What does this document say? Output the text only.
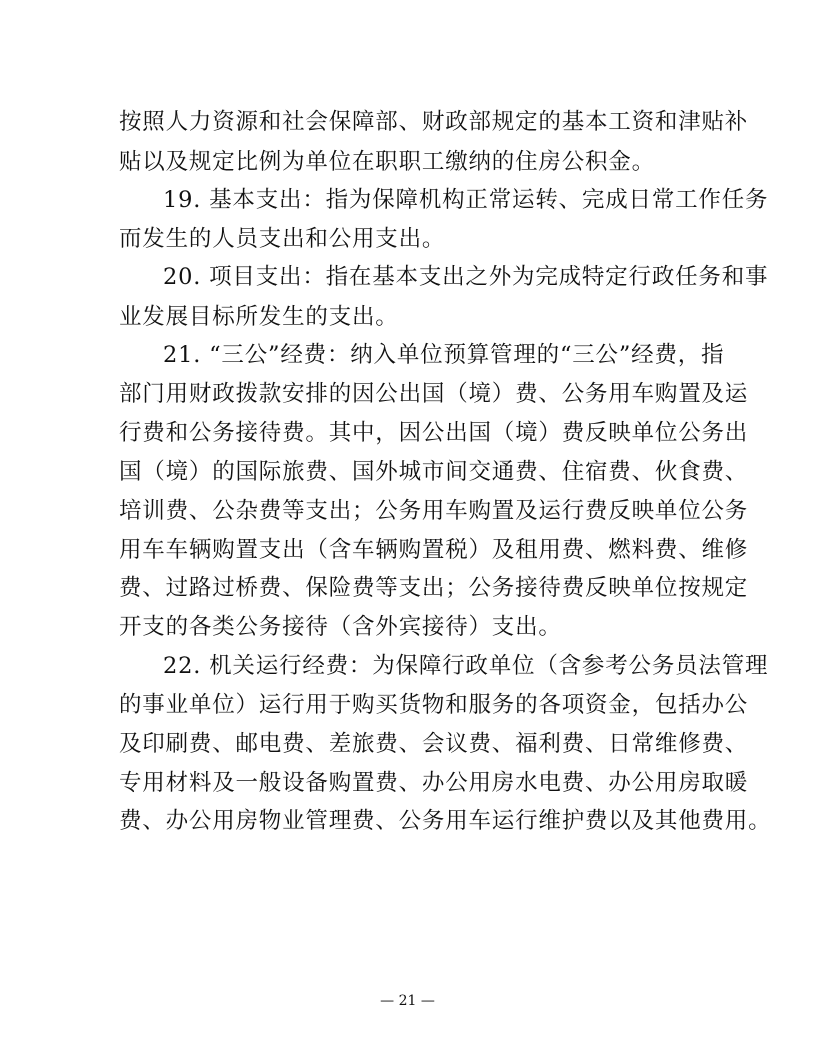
按照人力资源和社会保障部、财政部规定的基本工资和津贴补
贴以及规定比例为单位在职职工缴纳的住房公积金。
19. 基本支出：指为保障机构正常运转、完成日常工作任务
而发生的人员支出和公用支出。
20. 项目支出：指在基本支出之外为完成特定行政任务和事
业发展目标所发生的支出。
21. “三公”经费：纳入单位预算管理的“三公”经费，指
部门用财政拨款安排的因公出国（境）费、公务用车购置及运
行费和公务接待费。其中，因公出国（境）费反映单位公务出
国（境）的国际旅费、国外城市间交通费、住宿费、伙食费、
培训费、公杂费等支出；公务用车购置及运行费反映单位公务
用车车辆购置支出（含车辆购置税）及租用费、燃料费、维修
费、过路过桥费、保险费等支出；公务接待费反映单位按规定
开支的各类公务接待（含外宾接待）支出。
22. 机关运行经费：为保障行政单位（含参考公务员法管理
的事业单位）运行用于购买货物和服务的各项资金，包括办公
及印刷费、邮电费、差旅费、会议费、福利费、日常维修费、
专用材料及一般设备购置费、办公用房水电费、办公用房取暖
费、办公用房物业管理费、公务用车运行维护费以及其他费用。
— 21 —
